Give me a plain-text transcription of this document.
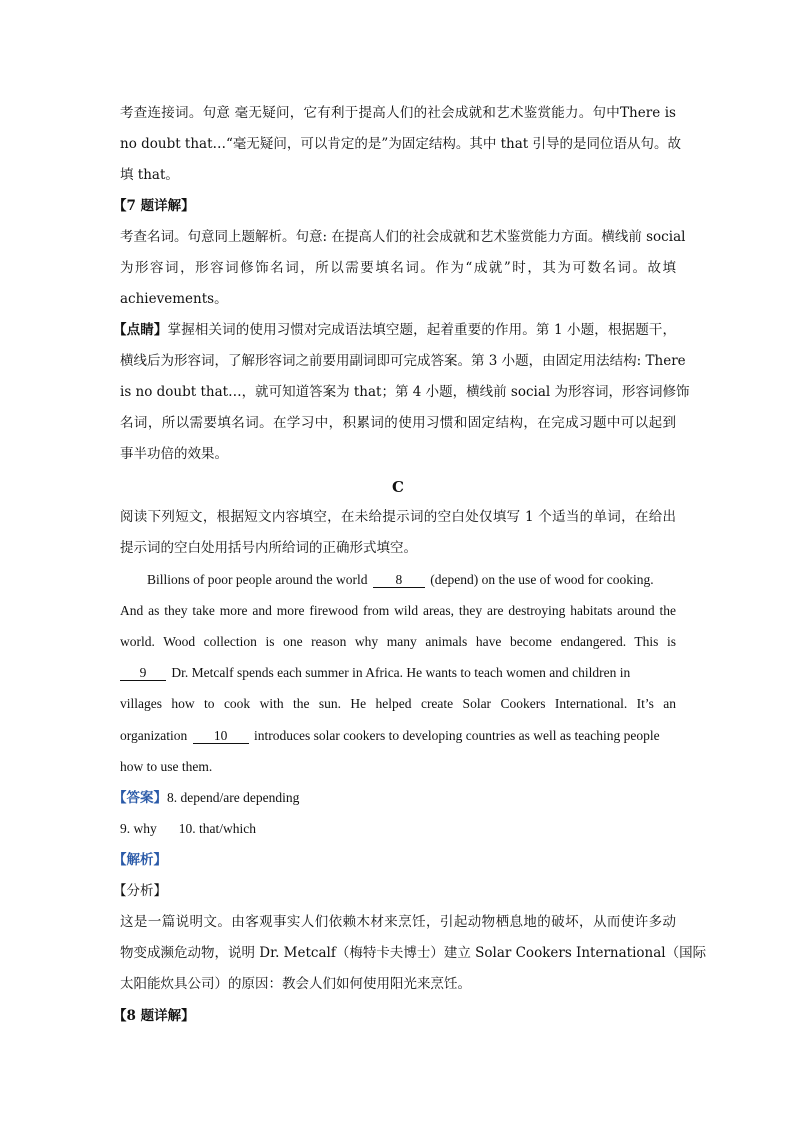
考查连接词。句意 毫无疑问，它有利于提高人们的社会成就和艺术鉴赏能力。句中There is
no doubt that…“毫无疑问，可以肯定的是”为固定结构。其中 that 引导的是同位语从句。故
填 that。
【7 题详解】
考查名词。句意同上题解析。句意: 在提高人们的社会成就和艺术鉴赏能力方面。横线前 social
为形容词，形容词修饰名词，所以需要填名词。作为“成就”时，其为可数名词。故填
achievements。
【点睛】掌握相关词的使用习惯对完成语法填空题，起着重要的作用。第 1 小题，根据题干，
横线后为形容词，了解形容词之前要用副词即可完成答案。第 3 小题，由固定用法结构: There
is no doubt that…，就可知道答案为 that；第 4 小题，横线前 social 为形容词，形容词修饰
名词，所以需要填名词。在学习中，积累词的使用习惯和固定结构，在完成习题中可以起到
事半功倍的效果。
C
阅读下列短文，根据短文内容填空，在未给提示词的空白处仅填写 1 个适当的单词，在给出
提示词的空白处用括号内所给词的正确形式填空。
Billions of poor people around the world 8 (depend) on the use of wood for cooking.
And as they take more and more firewood from wild areas, they are destroying habitats around the
world. Wood collection is one reason why many animals have become endangered. This is
9 Dr. Metcalf spends each summer in Africa. He wants to teach women and children in
villages how to cook with the sun. He helped create Solar Cookers International. It’s an
organization 10 introduces solar cookers to developing countries as well as teaching people
how to use them.
【答案】8. depend/are depending
9. why 10. that/which
【解析】
【分析】
这是一篇说明文。由客观事实人们依赖木材来烹饪，引起动物栖息地的破坏，从而使许多动
物变成濒危动物，说明 Dr. Metcalf（梅特卡夫博士）建立 Solar Cookers International（国际
太阳能炊具公司）的原因：教会人们如何使用阳光来烹饪。
【8 题详解】
